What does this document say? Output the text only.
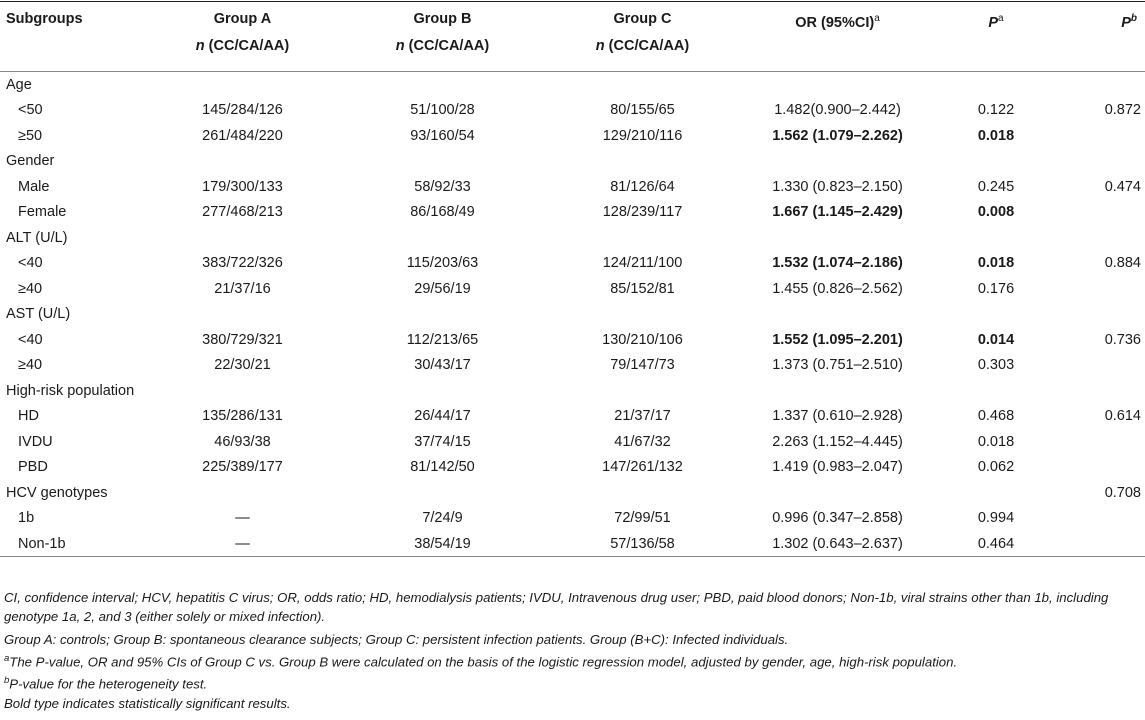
Subgroups	Group A	Group B	Group C	OR $(95\%CI)^a$	$P^a$	$P^b$
	n (CC/CA/AA)	n (CC/CA/AA)	n (CC/CA/AA)			
Age						
<50	145/284/126	51/100/28	80/155/65	1.482(0.900–2.442)	0.122	0.872
≥50	261/484/220	93/160/54	129/210/116	1.562 (1.079–2.262)	0.018	
Gender						
Male	179/300/133	58/92/33	81/126/64	1.330 (0.823–2.150)	0.245	0.474
Female	277/468/213	86/168/49	128/239/117	1.667 (1.145–2.429)	0.008	
ALT (U/L)						
<40	383/722/326	115/203/63	124/211/100	1.532 (1.074–2.186)	0.018	0.884
≥40	21/37/16	29/56/19	85/152/81	1.455 (0.826–2.562)	0.176	
AST (U/L)						
<40	380/729/321	112/213/65	130/210/106	1.552 (1.095–2.201)	0.014	0.736
≥40	22/30/21	30/43/17	79/147/73	1.373 (0.751–2.510)	0.303	
High-risk population						
HD	135/286/131	26/44/17	21/37/17	1.337 (0.610–2.928)	0.468	0.614
IVDU	46/93/38	37/74/15	41/67/32	2.263 (1.152–4.445)	0.018	
PBD	225/389/177	81/142/50	147/261/132	1.419 (0.983–2.047)	0.062	
HCV genotypes						0.708
1b	—	7/24/9	72/99/51	0.996 (0.347–2.858)	0.994	
Non-1b	—	38/54/19	57/136/58	1.302 (0.643–2.637)	0.464	

CI, confidence interval; HCV, hepatitis C virus; OR, odds ratio; HD, hemodialysis patients; IVDU, Intravenous drug user; PBD, paid blood donors; Non-1b, viral strains other than 1b, including genotype 1a, 2, and 3 (either solely or mixed infection).

Group A: controls; Group B: spontaneous clearance subjects; Group C: persistent infection patients. Group (B+C): Infected individuals.

$^a$The P-value, OR and 95% CIs of Group C vs. Group B were calculated on the basis of the logistic regression model, adjusted by gender, age, high-risk population.

$^b$P-value for the heterogeneity test.

Bold type indicates statistically significant results.
